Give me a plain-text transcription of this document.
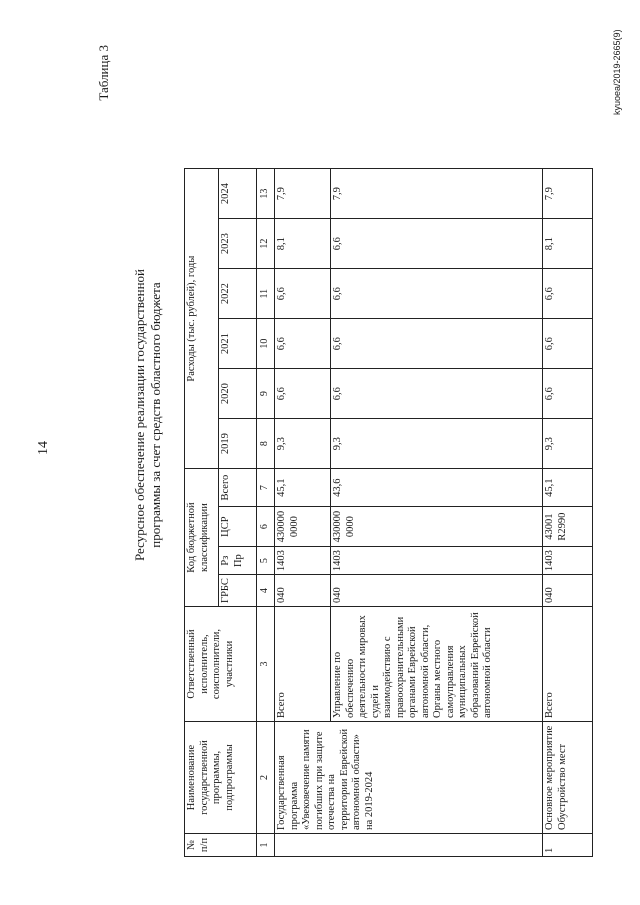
14
Таблица 3
Ресурсное обеспечение реализации государственной программы за счет средств областного бюджета
№ п/п	Наименование государственной программы, подпрограммы	Ответственный исполнитель, соисполнители, участники	Код бюджетной классификации				Расходы (тыс. рублей), годы					
			ГРБС	Рз Пр	ЦСР	Всего	2019	2020	2021	2022	2023	2024
1	2	3	4	5	6	7	8	9	10	11	12	13
	Государственная программа «Увековечение памяти погибших при защите отечества на территории Еврейской автономной области» на 2019-2024	Всего	040	1403	430000 0000	45,1	9,3	6,6	6,6	6,6	8,1	7,9
		Управление по обеспечению деятельности мировых судей и взаимодействию с правоохранительными органами Еврейской автономной области, Органы местного самоуправления муниципальных образований Еврейской автономной области	040	1403	430000 0000	43,6	9,3	6,6	6,6	6,6	6,6	7,9
1	Основное мероприятие Обустройство мест	Всего	040	1403	43001 R2990	45,1	9,3	6,6	6,6	6,6	8,1	7,9
kyuoea/2019-2665(9)
